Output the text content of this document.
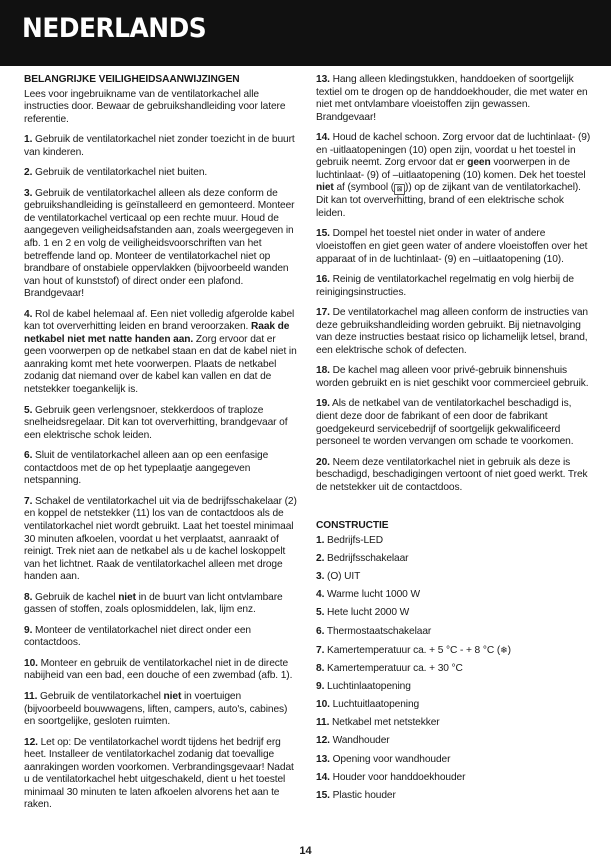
NEDERLANDS
BELANGRIJKE VEILIGHEIDSAANWIJZINGEN
Lees voor ingebruikname van de ventilatorkachel alle instructies door. Bewaar de gebruikshandleiding voor latere referentie.
1. Gebruik de ventilatorkachel niet zonder toezicht in de buurt van kinderen.
2. Gebruik de ventilatorkachel niet buiten.
3. Gebruik de ventilatorkachel alleen als deze conform de gebruikshandleiding is geïnstalleerd en gemonteerd. Monteer de ventilatorkachel verticaal op een rechte muur. Houd de aangegeven veiligheidsafstanden aan, zoals weergegeven in afb. 1 en 2 en volg de veiligheidsvoorschriften van het betreffende land op. Monteer de ventilatorkachel niet op brandbare of onstabiele oppervlakken (bijvoorbeeld wanden van hout of kunststof) of direct onder een plafond. Brandgevaar!
4. Rol de kabel helemaal af. Een niet volledig afgerolde kabel kan tot oververhitting leiden en brand veroorzaken. Raak de netkabel niet met natte handen aan. Zorg ervoor dat er geen voorwerpen op de netkabel staan en dat de kabel niet in aanraking komt met hete voorwerpen. Plaats de netkabel zodanig dat niemand over de kabel kan vallen en dat de netstekker toegankelijk is.
5. Gebruik geen verlengsnoer, stekkerdoos of traploze snelheidsregelaar. Dit kan tot oververhitting, brandgevaar of een elektrische schok leiden.
6. Sluit de ventilatorkachel alleen aan op een eenfasige contactdoos met de op het typeplaatje aangegeven netspanning.
7. Schakel de ventilatorkachel uit via de bedrijfsschakelaar (2) en koppel de netstekker (11) los van de contactdoos als de ventilatorkachel niet wordt gebruikt. Laat het toestel minimaal 30 minuten afkoelen, voordat u het verplaatst, aanraakt of reinigt. Trek niet aan de netkabel als u de kachel loskoppelt van het lichtnet. Raak de ventilatorkachel alleen met droge handen aan.
8. Gebruik de kachel niet in de buurt van licht ontvlambare gassen of stoffen, zoals oplosmiddelen, lak, lijm enz.
9. Monteer de ventilatorkachel niet direct onder een contactdoos.
10. Monteer en gebruik de ventilatorkachel niet in de directe nabijheid van een bad, een douche of een zwembad (afb. 1).
11. Gebruik de ventilatorkachel niet in voertuigen (bijvoorbeeld bouwwagens, liften, campers, auto's, cabines) en soortgelijke, gesloten ruimten.
12. Let op: De ventilatorkachel wordt tijdens het bedrijf erg heet. Installeer de ventilatorkachel zodanig dat toevallige aanrakingen worden voorkomen. Verbrandingsgevaar! Nadat u de ventilatorkachel hebt uitgeschakeld, dient u het toestel minimaal 30 minuten te laten afkoelen alvorens het aan te raken.
13. Hang alleen kledingstukken, handdoeken of soortgelijk textiel om te drogen op de handdoekhouder, die met water en niet met ontvlambare vloeistoffen zijn gewassen. Brandgevaar!
14. Houd de kachel schoon. Zorg ervoor dat de luchtinlaat- (9) en -uitlaatopeningen (10) open zijn, voordat u het toestel in gebruik neemt. Zorg ervoor dat er geen voorwerpen in de luchtinlaat- (9) of –uitlaatopening (10) komen. Dek het toestel niet af (symbool ( ⊠ )) op de zijkant van de ventilatorkachel). Dit kan tot oververhitting, brand of een elektrische schok leiden.
15. Dompel het toestel niet onder in water of andere vloeistoffen en giet geen water of andere vloeistoffen over het apparaat of in de luchtinlaat- (9) en –uitlaatopening (10).
16. Reinig de ventilatorkachel regelmatig en volg hierbij de reinigingsinstructies.
17. De ventilatorkachel mag alleen conform de instructies van deze gebruikshandleiding worden gebruikt. Bij nietnavolging van deze instructies bestaat risico op lichamelijk letsel, brand, een elektrische schok of defecten.
18. De kachel mag alleen voor privé-gebruik binnenshuis worden gebruikt en is niet geschikt voor commercieel gebruik.
19. Als de netkabel van de ventilatorkachel beschadigd is, dient deze door de fabrikant of een door de fabrikant goedgekeurd servicebedrijf of soortgelijk gekwalificeerd personeel te worden vervangen om schade te voorkomen.
20. Neem deze ventilatorkachel niet in gebruik als deze is beschadigd, beschadigingen vertoont of niet goed werkt. Trek de netstekker uit de contactdoos.
CONSTRUCTIE
1. Bedrijfs-LED
2. Bedrijfsschakelaar
3. (O) UIT
4. Warme lucht 1000 W
5. Hete lucht 2000 W
6. Thermostaatschakelaar
7. Kamertemperatuur ca. + 5 °C - + 8 °C (❄)
8. Kamertemperatuur ca. + 30 °C
9. Luchtinlaatopening
10. Luchtuitlaatopening
11. Netkabel met netstekker
12. Wandhouder
13. Opening voor wandhouder
14. Houder voor handdoekhouder
15. Plastic houder
14
